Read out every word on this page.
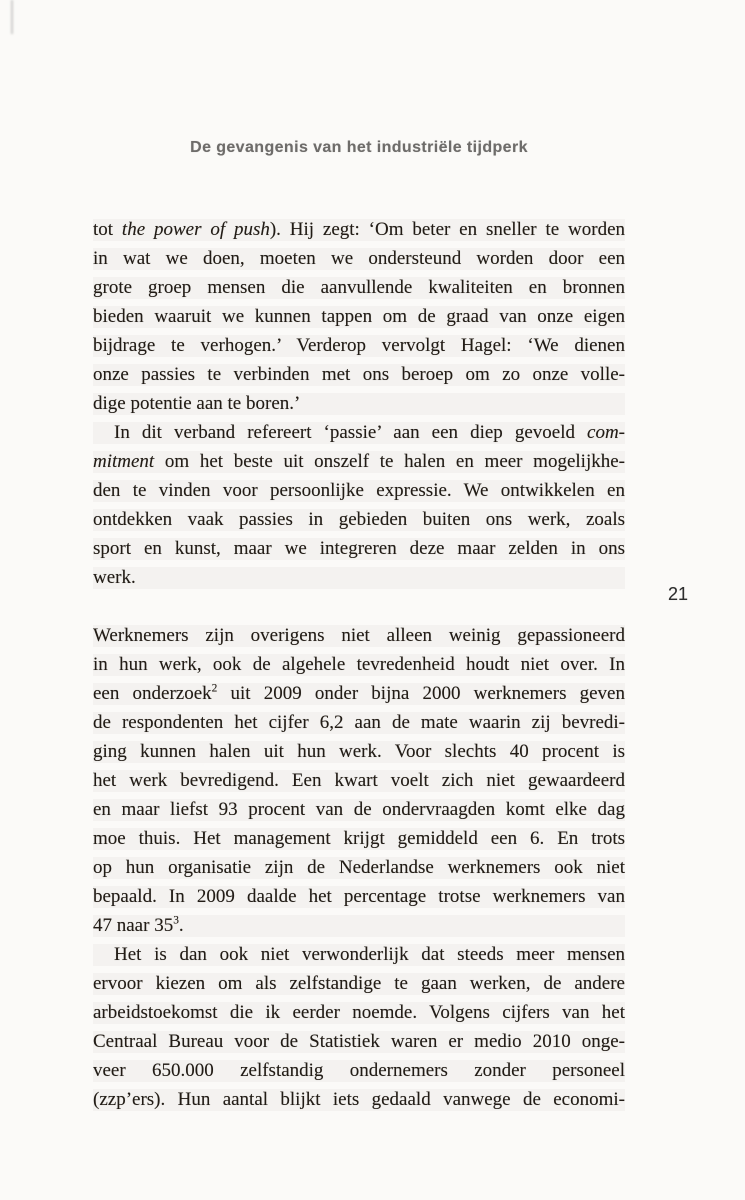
De gevangenis van het industriële tijdperk
21
tot the power of push). Hij zegt: ‘Om beter en sneller te worden
in wat we doen, moeten we ondersteund worden door een
grote groep mensen die aanvullende kwaliteiten en bronnen
bieden waaruit we kunnen tappen om de graad van onze eigen
bijdrage te verhogen.’ Verderop vervolgt Hagel: ‘We dienen
onze passies te verbinden met ons beroep om zo onze volle-
dige potentie aan te boren.’
In dit verband refereert ‘passie’ aan een diep gevoeld com-
mitment om het beste uit onszelf te halen en meer mogelijkhe-
den te vinden voor persoonlijke expressie. We ontwikkelen en
ontdekken vaak passies in gebieden buiten ons werk, zoals
sport en kunst, maar we integreren deze maar zelden in ons
werk.
Werknemers zijn overigens niet alleen weinig gepassioneerd
in hun werk, ook de algehele tevredenheid houdt niet over. In
een onderzoek$^2$ uit 2009 onder bijna 2000 werknemers geven
de respondenten het cijfer 6,2 aan de mate waarin zij bevredi-
ging kunnen halen uit hun werk. Voor slechts 40 procent is
het werk bevredigend. Een kwart voelt zich niet gewaardeerd
en maar liefst 93 procent van de ondervraagden komt elke dag
moe thuis. Het management krijgt gemiddeld een 6. En trots
op hun organisatie zijn de Nederlandse werknemers ook niet
bepaald. In 2009 daalde het percentage trotse werknemers van
47 naar 35$^3$.
Het is dan ook niet verwonderlijk dat steeds meer mensen
ervoor kiezen om als zelfstandige te gaan werken, de andere
arbeidstoekomst die ik eerder noemde. Volgens cijfers van het
Centraal Bureau voor de Statistiek waren er medio 2010 onge-
veer 650.000 zelfstandig ondernemers zonder personeel
(zzp’ers). Hun aantal blijkt iets gedaald vanwege de economi-
